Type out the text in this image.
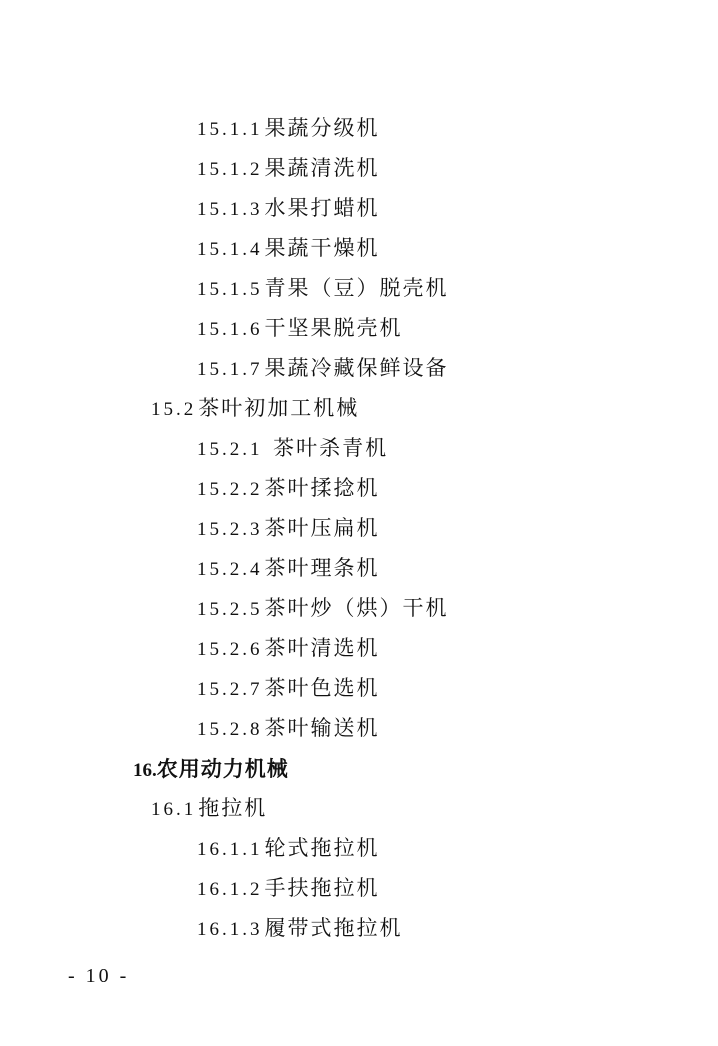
15.1.1果蔬分级机
15.1.2果蔬清洗机
15.1.3水果打蜡机
15.1.4果蔬干燥机
15.1.5青果（豆）脱壳机
15.1.6干坚果脱壳机
15.1.7果蔬冷藏保鲜设备
15.2茶叶初加工机械
15.2.1 茶叶杀青机
15.2.2茶叶揉捻机
15.2.3茶叶压扁机
15.2.4茶叶理条机
15.2.5茶叶炒（烘）干机
15.2.6茶叶清选机
15.2.7茶叶色选机
15.2.8茶叶输送机
16.农用动力机械
16.1拖拉机
16.1.1轮式拖拉机
16.1.2手扶拖拉机
16.1.3履带式拖拉机
- 10 -
